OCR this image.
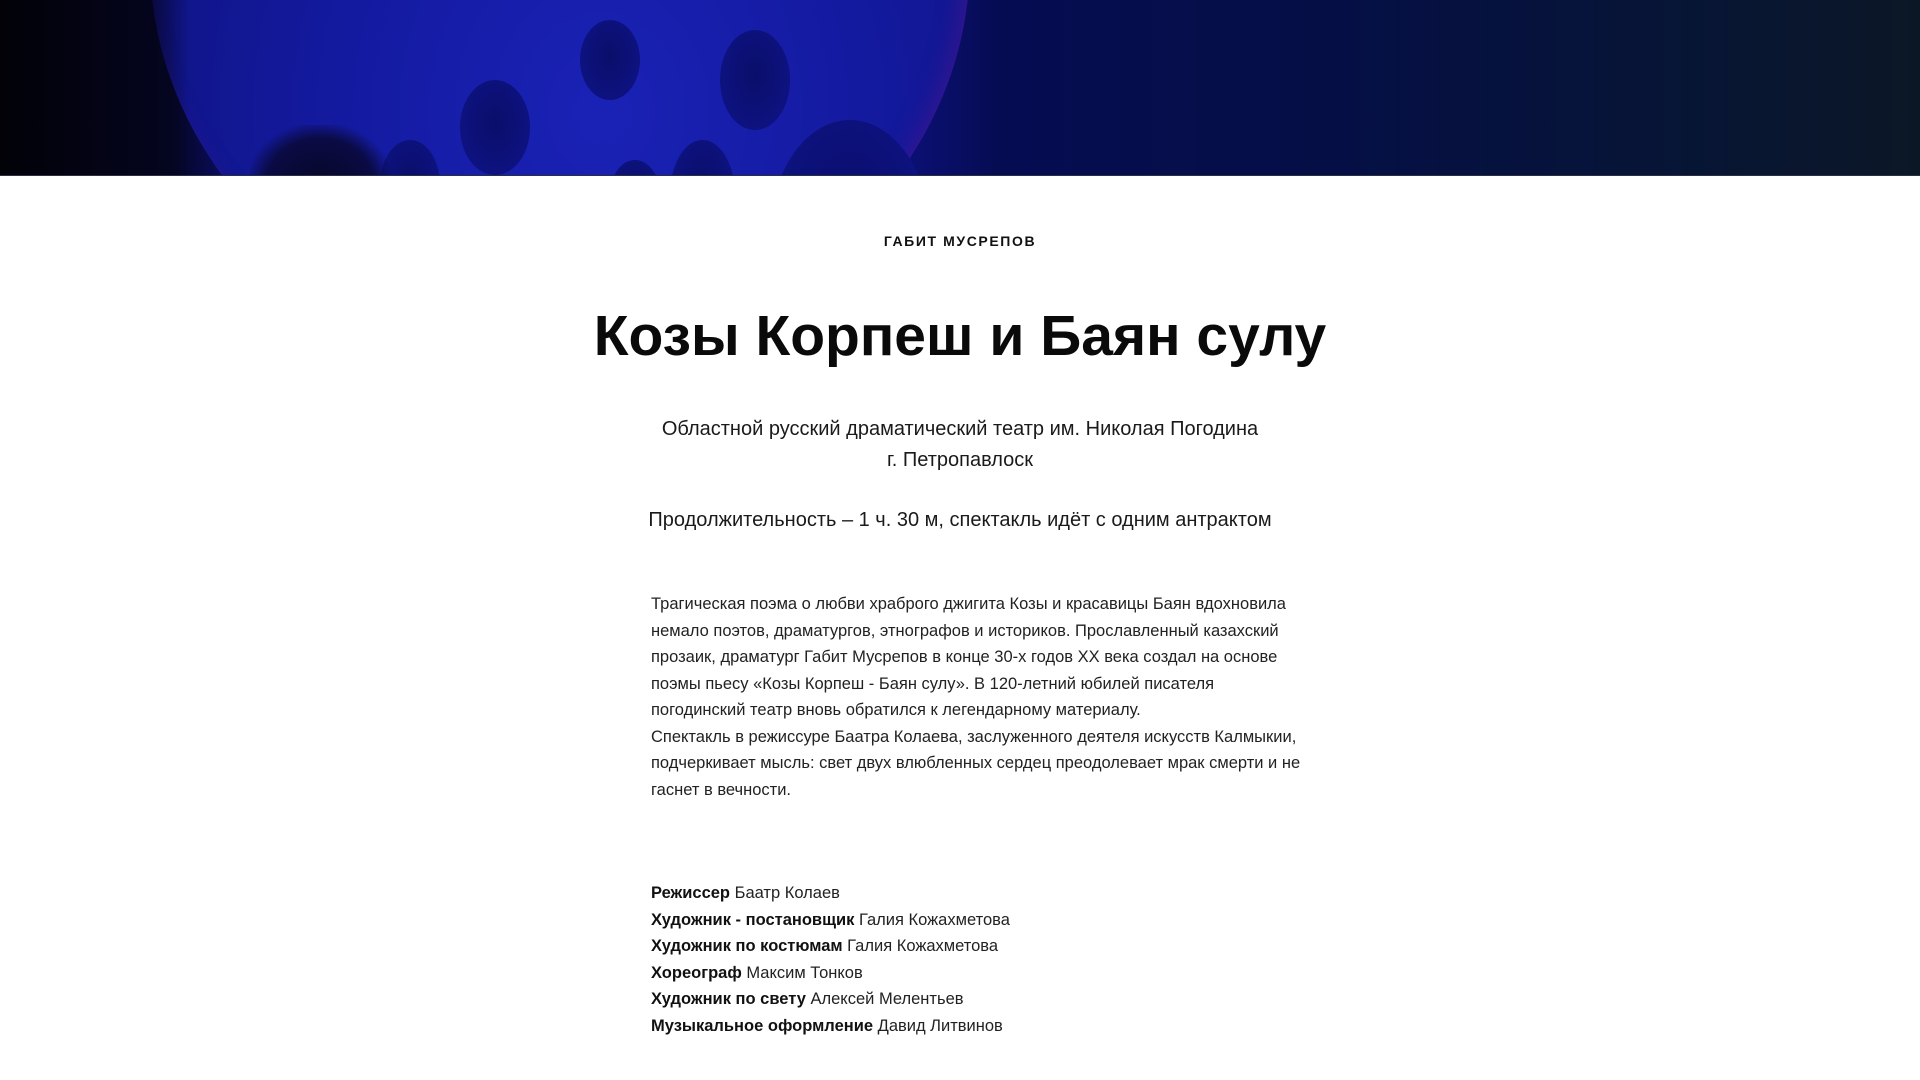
ГАБИТ МУСРЕПОВ
Козы Корпеш и Баян сулу
Областной русский драматический театр им. Николая Погодина
г. Петропавлоск
Продолжительность – 1 ч. 30 м, спектакль идёт с одним антрактом

Трагическая поэма о любви храброго джигита Козы и красавицы Баян вдохновила немало поэтов, драматургов, этнографов и историков. Прославленный казахский прозаик, драматург Габит Мусрепов в конце 30-х годов XX века создал на основе поэмы пьесу «Козы Корпеш - Баян сулу». В 120-летний юбилей писателя погодинский театр вновь обратился к легендарному материалу.

Спектакль в режиссуре Баатра Колаева, заслуженного деятеля искусств Калмыкии, подчеркивает мысль: свет двух влюбленных сердец преодолевает мрак смерти и не гаснет в вечности.

Режиссер Баатр Колаев
Художник - постановщик Галия Кожахметова
Художник по костюмам Галия Кожахметова
Хореограф Максим Тонков
Художник по свету Алексей Мелентьев
Музыкальное оформление Давид Литвинов
